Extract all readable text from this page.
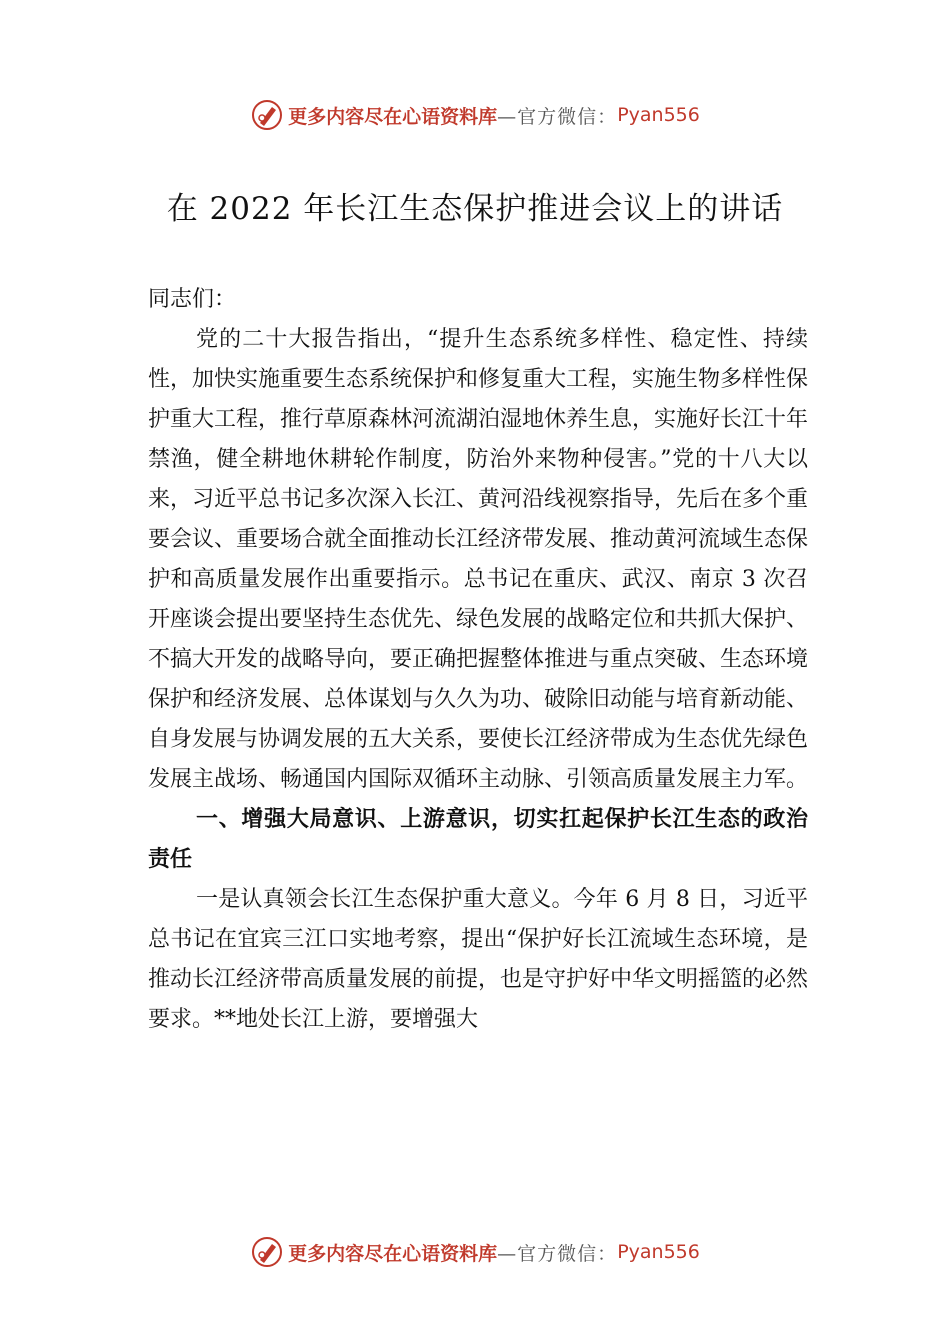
更多内容尽在心语资料库 —官方微信： Pyan556
在 2022 年长江生态保护推进会议上的讲话

同志们：

党的二十大报告指出，“提升生态系统多样性、稳定性、持续性，加快实施重要生态系统保护和修复重大工程，实施生物多样性保护重大工程，推行草原森林河流湖泊湿地休养生息，实施好长江十年禁渔，健全耕地休耕轮作制度，防治外来物种侵害。”党的十八大以来，习近平总书记多次深入长江、黄河沿线视察指导，先后在多个重要会议、重要场合就全面推动长江经济带发展、推动黄河流域生态保护和高质量发展作出重要指示。总书记在重庆、武汉、南京 3 次召开座谈会提出要坚持生态优先、绿色发展的战略定位和共抓大保护、不搞大开发的战略导向，要正确把握整体推进与重点突破、生态环境保护和经济发展、总体谋划与久久为功、破除旧动能与培育新动能、自身发展与协调发展的五大关系，要使长江经济带成为生态优先绿色发展主战场、畅通国内国际双循环主动脉、引领高质量发展主力军。

一、增强大局意识、上游意识，切实扛起保护长江生态的政治责任

一是认真领会长江生态保护重大意义。今年 6 月 8 日，习近平总书记在宜宾三江口实地考察，提出“保护好长江流域生态环境，是推动长江经济带高质量发展的前提，也是守护好中华文明摇篮的必然要求。**地处长江上游，要增强大

更多内容尽在心语资料库 —官方微信： Pyan556
